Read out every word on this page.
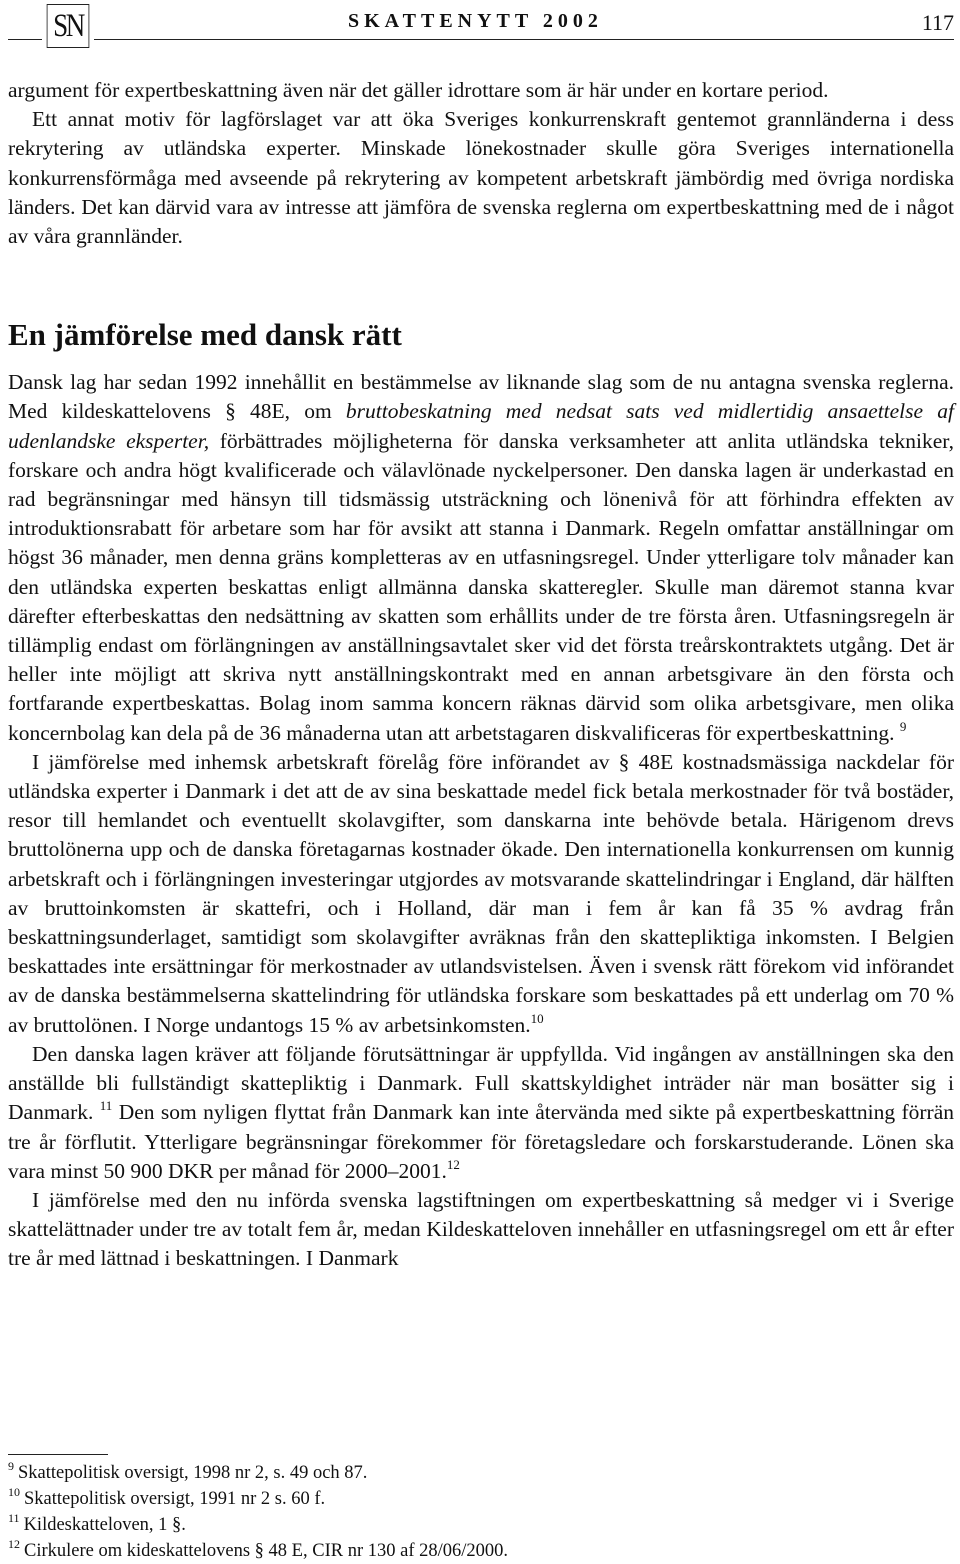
SN	SKATTENYTT 2002	117

argument för expertbeskattning även när det gäller idrottare som är här under en kortare period.

Ett annat motiv för lagförslaget var att öka Sveriges konkurrenskraft gentemot grannländerna i dess rekrytering av utländska experter. Minskade lönekostnader skulle göra Sveriges internationella konkurrensförmåga med avseende på rekrytering av kompetent arbetskraft jämbördig med övriga nordiska länders. Det kan därvid vara av intresse att jämföra de svenska reglerna om expertbeskattning med de i något av våra grannländer.

En jämförelse med dansk rätt

Dansk lag har sedan 1992 innehållit en bestämmelse av liknande slag som de nu antagna svenska reglerna. Med kildeskattelovens § 48E, om bruttobeskatning med nedsat sats ved midlertidig ansaettelse af udenlandske eksperter, förbättrades möjligheterna för danska verksamheter att anlita utländska tekniker, forskare och andra högt kvalificerade och välavlönade nyckelpersoner. Den danska lagen är underkastad en rad begränsningar med hänsyn till tidsmässig utsträckning och lönenivå för att förhindra effekten av introduktionsrabatt för arbetare som har för avsikt att stanna i Danmark. Regeln omfattar anställningar om högst 36 månader, men denna gräns kompletteras av en utfasningsregel. Under ytterligare tolv månader kan den utländska experten beskattas enligt allmänna danska skatteregler. Skulle man däremot stanna kvar därefter efterbeskattas den nedsättning av skatten som erhållits under de tre första åren. Utfasningsregeln är tillämplig endast om förlängningen av anställningsavtalet sker vid det första treårskontraktets utgång. Det är heller inte möjligt att skriva nytt anställningskontrakt med en annan arbetsgivare än den första och fortfarande expertbeskattas. Bolag inom samma koncern räknas därvid som olika arbetsgivare, men olika koncernbolag kan dela på de 36 månaderna utan att arbetstagaren diskvalificeras för expertbeskattning. $^9$

I jämförelse med inhemsk arbetskraft förelåg före införandet av § 48E kostnadsmässiga nackdelar för utländska experter i Danmark i det att de av sina beskattade medel fick betala merkostnader för två bostäder, resor till hemlandet och eventuellt skolavgifter, som danskarna inte behövde betala. Härigenom drevs bruttolönerna upp och de danska företagarnas kostnader ökade. Den internationella konkurrensen om kunnig arbetskraft och i förlängningen investeringar utgjordes av motsvarande skattelindringar i England, där hälften av bruttoinkomsten är skattefri, och i Holland, där man i fem år kan få 35 % avdrag från beskattningsunderlaget, samtidigt som skolavgifter avräknas från den skattepliktiga inkomsten. I Belgien beskattades inte ersättningar för merkostnader av utlandsvistelsen. Även i svensk rätt förekom vid införandet av de danska bestämmelserna skattelindring för utländska forskare som beskattades på ett underlag om 70 % av bruttolönen. I Norge undantogs 15 % av arbetsinkomsten.$^{10}$

Den danska lagen kräver att följande förutsättningar är uppfyllda. Vid ingången av anställningen ska den anställde bli fullständigt skattepliktig i Danmark. Full skattskyldighet inträder när man bosätter sig i Danmark. $^{11}$ Den som nyligen flyttat från Danmark kan inte återvända med sikte på expertbeskattning förrän tre år förflutit. Ytterligare begränsningar förekommer för företagsledare och forskarstuderande. Lönen ska vara minst 50 900 DKR per månad för 2000–2001.12

I jämförelse med den nu införda svenska lagstiftningen om expertbeskattning så medger vi i Sverige skattelättnader under tre av totalt fem år, medan Kildeskatteloven innehåller en utfasningsregel om ett år efter tre år med lättnad i beskattningen. I Danmark

$^9$ Skattepolitisk oversigt, 1998 nr 2, s. 49 och 87.
$^{10}$ Skattepolitisk oversigt, 1991 nr 2 s. 60 f.
$^{11}$ Kildeskatteloven, 1 §.
$^{12}$ Cirkulere om kideskattelovens § 48 E, CIR nr 130 af 28/06/2000.
